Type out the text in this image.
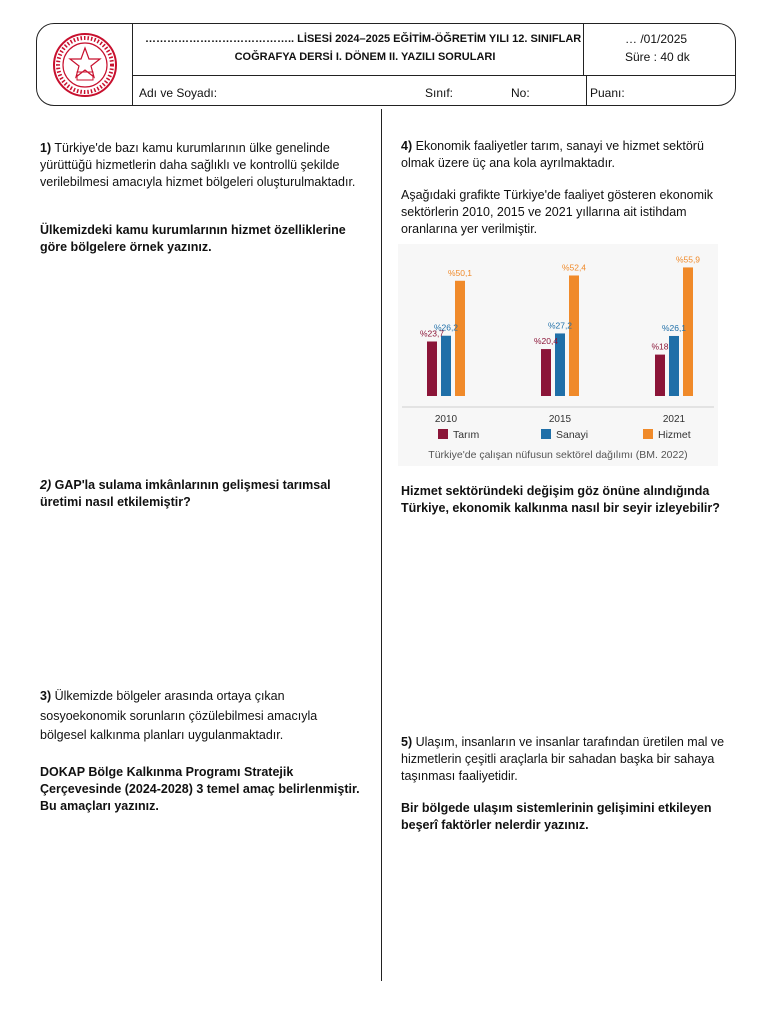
………………………………….. LİSESİ 2024–2025 EĞİTİM-ÖĞRETİM YILI 12. SINIFLAR
COĞRAFYA DERSİ I. DÖNEM II. YAZILI SORULARI
… /01/2025
Süre : 40 dk
Adı ve Soyadı:	Sınıf:	No:	Puanı:
1) Türkiye'de bazı kamu kurumlarının ülke genelinde yürüttüğü hizmetlerin daha sağlıklı ve kontrollü şekilde verilebilmesi amacıyla hizmet bölgeleri oluşturulmaktadır.
Ülkemizdeki kamu kurumlarının hizmet özelliklerine göre bölgelere örnek yazınız.
2) GAP'la sulama imkânlarının gelişmesi tarımsal üretimi nasıl etkilemiştir?
3) Ülkemizde bölgeler arasında ortaya çıkan sosyoekonomik sorunların çözülebilmesi amacıyla bölgesel kalkınma planları uygulanmaktadır.
DOKAP Bölge Kalkınma Programı Stratejik Çerçevesinde (2024-2028) 3 temel amaç belirlenmiştir. Bu amaçları yazınız.
4) Ekonomik faaliyetler tarım, sanayi ve hizmet sektörü olmak üzere üç ana kola ayrılmaktadır.
Aşağıdaki grafikte Türkiye'de faaliyet gösteren ekonomik sektörlerin 2010, 2015 ve 2021 yıllarına ait istihdam oranlarına yer verilmiştir.
%23,7
%26,2
%50,1
%20,4
%27,2
%52,4
%18
%26,1
%55,9
2010	2015	2021
Tarım	Sanayi	Hizmet
Türkiye'de çalışan nüfusun sektörel dağılımı (BM. 2022)
Hizmet sektöründeki değişim göz önüne alındığında Türkiye, ekonomik kalkınma nasıl bir seyir izleyebilir?
5) Ulaşım, insanların ve insanlar tarafından üretilen mal ve hizmetlerin çeşitli araçlarla bir sahadan başka bir sahaya taşınması faaliyetidir.
Bir bölgede ulaşım sistemlerinin gelişimini etkileyen beşerî faktörler nelerdir yazınız.
